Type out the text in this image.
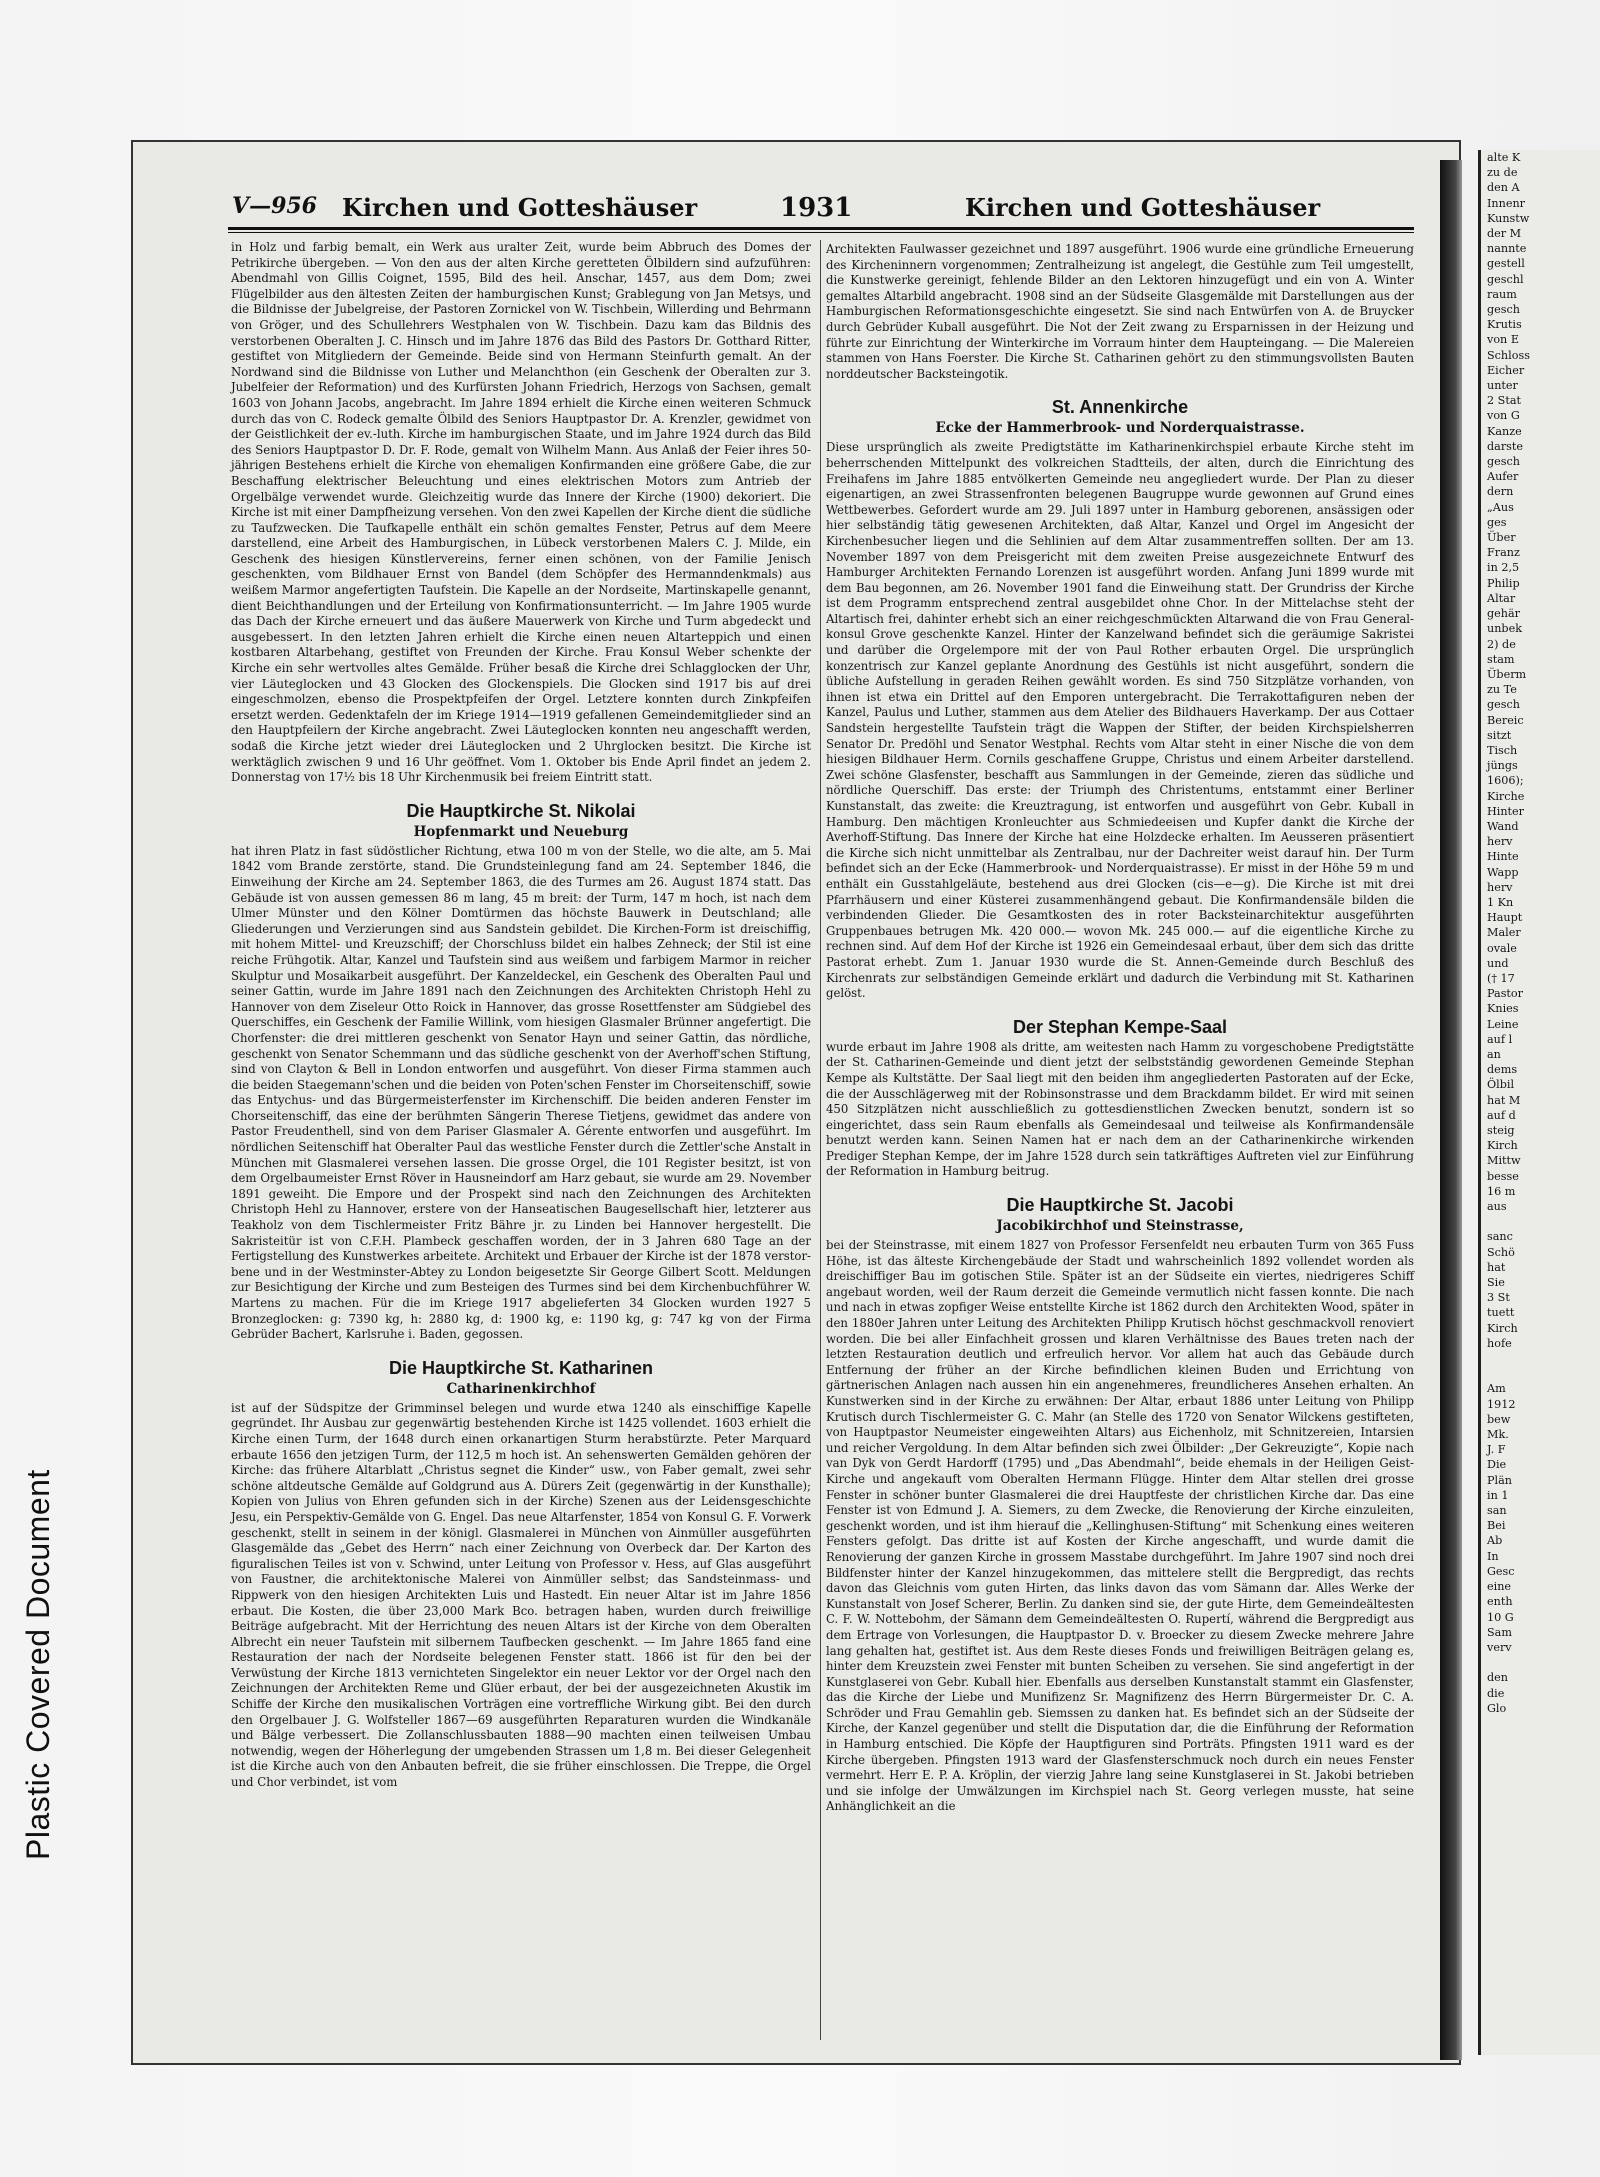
Plastic Covered Document
alte K
zu de
den A
Innenr
Kunstw
der M
nannte
gestell
geschl
raum
gesch
Krutis
von E
Schloss
Eicher
unter
2 Stat
von G
Kanze
darste
gesch
Aufer
dern
„Aus
ges
Über
Franz
in 2,5
Philip
Altar
gehär
unbek
2) de
stam
Überm
zu Te
gesch
Bereic
sitzt
Tisch
jüngs
1606);
Kirche
Hinter
Wand
herv
Hinte
Wapp
herv
1 Kn
Haupt
Maler
ovale
und
(† 17
Pastor
Knies
Leine
auf l
an
dems
Ölbil
hat M
auf d
steig
Kirch
Mittw
besse
16 m
aus

sanc
Schö
hat
Sie
3 St
tuett
Kirch
hofe

Am
1912
bew
Mk.
J. F
Die
Plän
in 1
san
Bei
Ab
In
Gesc
eine
enth
10 G
Sam
verv

den
die
Glo
V—956 Kirchen und Gotteshäuser	1931	Kirchen und Gotteshäuser

in Holz und farbig bemalt, ein Werk aus uralter Zeit, wurde beim Abbruch des Domes der Petrikirche übergeben. — Von den aus der alten Kirche geretteten Ölbildern sind aufzuführen: Abendmahl von Gillis Coignet, 1595, Bild des heil. Anschar, 1457, aus dem Dom; zwei Flügelbilder aus den ältesten Zeiten der hamburgischen Kunst; Grablegung von Jan Metsys, und die Bildnisse der Jubelgreise, der Pastoren Zornickel von W. Tischbein, Willerding und Behrmann von Gröger, und des Schullehrers Westphalen von W. Tischbein. Dazu kam das Bildnis des verstorbenen Oberalten J. C. Hinsch und im Jahre 1876 das Bild des Pastors Dr. Gotthard Ritter, gestiftet von Mitgliedern der Gemeinde. Beide sind von Hermann Steinfurth gemalt. An der Nordwand sind die Bildnisse von Luther und Melanchthon (ein Geschenk der Oberalten zur 3. Jubelfeier der Reformation) und des Kurfürsten Johann Friedrich, Herzogs von Sachsen, gemalt 1603 von Johann Jacobs, angebracht. Im Jahre 1894 erhielt die Kirche einen weiteren Schmuck durch das von C. Rodeck gemalte Ölbild des Seniors Hauptpastor Dr. A. Krenzler, gewidmet von der Geistlichkeit der ev.-luth. Kirche im hamburgischen Staate, und im Jahre 1924 durch das Bild des Seniors Hauptpastor D. Dr. F. Rode, gemalt von Wilhelm Mann. Aus Anlaß der Feier ihres 50-jährigen Bestehens erhielt die Kirche von ehemaligen Konfirmanden eine größere Gabe, die zur Beschaffung elektrischer Beleuchtung und eines elektrischen Motors zum Antrieb der Orgelbälge verwendet wurde. Gleichzeitig wurde das Innere der Kirche (1900) dekoriert. Die Kirche ist mit einer Dampfheizung versehen. Von den zwei Kapellen der Kirche dient die südliche zu Taufzwecken. Die Taufkapelle enthält ein schön gemaltes Fenster, Petrus auf dem Meere darstellend, eine Arbeit des Hamburgischen, in Lübeck verstorbenen Malers C. J. Milde, ein Geschenk des hiesigen Künstlervereins, ferner einen schönen, von der Familie Jenisch geschenkten, vom Bildhauer Ernst von Bandel (dem Schöpfer des Hermanndenkmals) aus weißem Marmor angefertigten Taufstein. Die Kapelle an der Nordseite, Martinskapelle genannt, dient Beichthandlungen und der Erteilung von Konfirmationsunterricht. — Im Jahre 1905 wurde das Dach der Kirche erneuert und das äußere Mauerwerk von Kirche und Turm abgedeckt und ausgebessert. In den letzten Jahren erhielt die Kirche einen neuen Altarteppich und einen kostbaren Altarbehang, gestiftet von Freunden der Kirche. Frau Konsul Weber schenkte der Kirche ein sehr wertvolles altes Gemälde. Früher besaß die Kirche drei Schlagglocken der Uhr, vier Läuteglocken und 43 Glocken des Glockenspiels. Die Glocken sind 1917 bis auf drei eingeschmolzen, ebenso die Prospektpfeifen der Orgel. Letztere konnten durch Zinkpfeifen ersetzt werden. Gedenktafeln der im Kriege 1914—1919 gefallenen Gemeindemitglieder sind an den Hauptpfeilern der Kirche angebracht. Zwei Läuteglocken konnten neu angeschafft werden, sodaß die Kirche jetzt wieder drei Läuteglocken und 2 Uhrglocken besitzt. Die Kirche ist werktäglich zwischen 9 und 16 Uhr geöffnet. Vom 1. Oktober bis Ende April findet an jedem 2. Donnerstag von 17½ bis 18 Uhr Kirchenmusik bei freiem Eintritt statt.

Die Hauptkirche St. Nikolai
Hopfenmarkt und Neueburg

hat ihren Platz in fast südöstlicher Richtung, etwa 100 m von der Stelle, wo die alte, am 5. Mai 1842 vom Brande zerstörte, stand. Die Grundsteinlegung fand am 24. September 1846, die Einweihung der Kirche am 24. September 1863, die des Turmes am 26. August 1874 statt. Das Gebäude ist von aussen gemessen 86 m lang, 45 m breit: der Turm, 147 m hoch, ist nach dem Ulmer Münster und den Kölner Domtürmen das höchste Bauwerk in Deutschland; alle Gliederungen und Verzierungen sind aus Sandstein gebildet. Die Kirchen-Form ist dreischiffig, mit hohem Mittel- und Kreuzschiff; der Chorschluss bildet ein halbes Zehneck; der Stil ist eine reiche Frühgotik. Altar, Kanzel und Taufstein sind aus weißem und farbigem Marmor in reicher Skulptur und Mosaikarbeit ausgeführt. Der Kanzeldeckel, ein Geschenk des Oberalten Paul und seiner Gattin, wurde im Jahre 1891 nach den Zeichnungen des Architekten Christoph Hehl zu Hannover von dem Ziseleur Otto Roick in Hannover, das grosse Rosettfenster am Südgiebel des Querschiffes, ein Geschenk der Familie Willink, vom hiesigen Glasmaler Brünner angefertigt. Die Chorfenster: die drei mittleren geschenkt von Senator Hayn und seiner Gattin, das nördliche, geschenkt von Senator Schemmann und das südliche geschenkt von der Averhoff'schen Stiftung, sind von Clayton & Bell in London entworfen und ausgeführt. Von dieser Firma stammen auch die beiden Staegemann'schen und die beiden von Poten'schen Fenster im Chorseitenschiff, sowie das Entychus- und das Bürgermeisterfenster im Kirchenschiff. Die beiden anderen Fenster im Chorseitenschiff, das eine der berühmten Sängerin Therese Tietjens, gewidmet das andere von Pastor Freudenthell, sind von dem Pariser Glasmaler A. Gérente entworfen und ausgeführt. Im nördlichen Seitenschiff hat Oberalter Paul das westliche Fenster durch die Zettler'sche Anstalt in München mit Glasmalerei versehen lassen. Die grosse Orgel, die 101 Register besitzt, ist von dem Orgelbaumeister Ernst Röver in Hausneindorf am Harz gebaut, sie wurde am 29. November 1891 geweiht. Die Empore und der Prospekt sind nach den Zeichnungen des Architekten Christoph Hehl zu Hannover, erstere von der Hanseatischen Baugesellschaft hier, letzterer aus Teakholz von dem Tischlermeister Fritz Bähre jr. zu Linden bei Hannover hergestellt. Die Sakristeitür ist von C.F.H. Plambeck geschaffen worden, der in 3 Jahren 680 Tage an der Fertigstellung des Kunstwerkes arbeitete. Architekt und Erbauer der Kirche ist der 1878 verstorbene und in der Westminster-Abtey zu London beigesetzte Sir George Gilbert Scott. Meldungen zur Besichtigung der Kirche und zum Besteigen des Turmes sind bei dem Kirchenbuchführer W. Martens zu machen. Für die im Kriege 1917 abgelieferten 34 Glocken wurden 1927 5 Bronzeglocken: g: 7390 kg, h: 2880 kg, d: 1900 kg, e: 1190 kg, g: 747 kg von der Firma Gebrüder Bachert, Karlsruhe i. Baden, gegossen.

Die Hauptkirche St. Katharinen
Catharinenkirchhof

ist auf der Südspitze der Grimminsel belegen und wurde etwa 1240 als einschiffige Kapelle gegründet. Ihr Ausbau zur gegenwärtig bestehenden Kirche ist 1425 vollendet. 1603 erhielt die Kirche einen Turm, der 1648 durch einen orkanartigen Sturm herabstürzte. Peter Marquard erbaute 1656 den jetzigen Turm, der 112,5 m hoch ist. An sehenswerten Gemälden gehören der Kirche: das frühere Altarblatt „Christus segnet die Kinder“ usw., von Faber gemalt, zwei sehr schöne altdeutsche Gemälde auf Goldgrund aus A. Dürers Zeit (gegenwärtig in der Kunsthalle); Kopien von Julius von Ehren gefunden sich in der Kirche) Szenen aus der Leidensgeschichte Jesu, ein Perspektiv-Gemälde von G. Engel. Das neue Altarfenster, 1854 von Konsul G. F. Vorwerk geschenkt, stellt in seinem in der königl. Glasmalerei in München von Ainmüller ausgeführten Glasgemälde das „Gebet des Herrn“ nach einer Zeichnung von Overbeck dar. Der Karton des figuralischen Teiles ist von v. Schwind, unter Leitung von Professor v. Hess, auf Glas ausgeführt von Faustner, die architektonische Malerei von Ainmüller selbst; das Sandsteinmass- und Rippwerk von den hiesigen Architekten Luis und Hastedt. Ein neuer Altar ist im Jahre 1856 erbaut. Die Kosten, die über 23,000 Mark Bco. betragen haben, wurden durch freiwillige Beiträge aufgebracht. Mit der Herrichtung des neuen Altars ist der Kirche von dem Oberalten Albrecht ein neuer Taufstein mit silbernem Taufbecken geschenkt. — Im Jahre 1865 fand eine Restauration der nach der Nordseite belegenen Fenster statt. 1866 ist für den bei der Verwüstung der Kirche 1813 vernichteten Singelektor ein neuer Lektor vor der Orgel nach den Zeichnungen der Architekten Reme und Glüer erbaut, der bei der ausgezeichneten Akustik im Schiffe der Kirche den musikalischen Vorträgen eine vortreffliche Wirkung gibt. Bei den durch den Orgelbauer J. G. Wolfsteller 1867—69 ausgeführten Reparaturen wurden die Windkanäle und Bälge verbessert. Die Zollanschlussbauten 1888—90 machten einen teilweisen Umbau notwendig, wegen der Höherlegung der umgebenden Strassen um 1,8 m. Bei dieser Gelegenheit ist die Kirche auch von den Anbauten befreit, die sie früher einschlossen. Die Treppe, die Orgel und Chor verbindet, ist vom

Architekten Faulwasser gezeichnet und 1897 ausgeführt. 1906 wurde eine gründliche Erneuerung des Kircheninnern vorgenommen; Zentralheizung ist angelegt, die Gestühle zum Teil umgestellt, die Kunstwerke gereinigt, fehlende Bilder an den Lektoren hinzugefügt und ein von A. Winter gemaltes Altarbild angebracht. 1908 sind an der Südseite Glasgemälde mit Darstellungen aus der Hamburgischen Reformationsgeschichte eingesetzt. Sie sind nach Entwürfen von A. de Bruycker durch Gebrüder Kuball ausgeführt. Die Not der Zeit zwang zu Ersparnissen in der Heizung und führte zur Einrichtung der Winterkirche im Vorraum hinter dem Haupteingang. — Die Malereien stammen von Hans Foerster. Die Kirche St. Catharinen gehört zu den stimmungsvollsten Bauten norddeutscher Backsteingotik.

St. Annenkirche
Ecke der Hammerbrook- und Norderquaistrasse.

Diese ursprünglich als zweite Predigtstätte im Katharinenkirchspiel erbaute Kirche steht im beherrschenden Mittelpunkt des volkreichen Stadtteils, der alten, durch die Einrichtung des Freihafens im Jahre 1885 entvölkerten Gemeinde neu angegliedert wurde. Der Plan zu dieser eigenartigen, an zwei Strassenfronten belegenen Baugruppe wurde gewonnen auf Grund eines Wettbewerbes. Gefordert wurde am 29. Juli 1897 unter in Hamburg geborenen, ansässigen oder hier selbständig tätig gewesenen Architekten, daß Altar, Kanzel und Orgel im Angesicht der Kirchenbesucher liegen und die Sehlinien auf dem Altar zusammentreffen sollten. Der am 13. November 1897 von dem Preisgericht mit dem zweiten Preise ausgezeichnete Entwurf des Hamburger Architekten Fernando Lorenzen ist ausgeführt worden. Anfang Juni 1899 wurde mit dem Bau begonnen, am 26. November 1901 fand die Einweihung statt. Der Grundriss der Kirche ist dem Programm entsprechend zentral ausgebildet ohne Chor. In der Mittelachse steht der Altartisch frei, dahinter erhebt sich an einer reichgeschmückten Altarwand die von Frau Generalkonsul Grove geschenkte Kanzel. Hinter der Kanzelwand befindet sich die geräumige Sakristei und darüber die Orgelempore mit der von Paul Rother erbauten Orgel. Die ursprünglich konzentrisch zur Kanzel geplante Anordnung des Gestühls ist nicht ausgeführt, sondern die übliche Aufstellung in geraden Reihen gewählt worden. Es sind 750 Sitzplätze vorhanden, von ihnen ist etwa ein Drittel auf den Emporen untergebracht. Die Terrakottafiguren neben der Kanzel, Paulus und Luther, stammen aus dem Atelier des Bildhauers Haverkamp. Der aus Cottaer Sandstein hergestellte Taufstein trägt die Wappen der Stifter, der beiden Kirchspielsherren Senator Dr. Predöhl und Senator Westphal. Rechts vom Altar steht in einer Nische die von dem hiesigen Bildhauer Herm. Cornils geschaffene Gruppe, Christus und einem Arbeiter darstellend. Zwei schöne Glasfenster, beschafft aus Sammlungen in der Gemeinde, zieren das südliche und nördliche Querschiff. Das erste: der Triumph des Christentums, entstammt einer Berliner Kunstanstalt, das zweite: die Kreuztragung, ist entworfen und ausgeführt von Gebr. Kuball in Hamburg. Den mächtigen Kronleuchter aus Schmiedeeisen und Kupfer dankt die Kirche der Averhoff-Stiftung. Das Innere der Kirche hat eine Holzdecke erhalten. Im Aeusseren präsentiert die Kirche sich nicht unmittelbar als Zentralbau, nur der Dachreiter weist darauf hin. Der Turm befindet sich an der Ecke (Hammerbrook- und Norderquaistrasse). Er misst in der Höhe 59 m und enthält ein Gusstahlgeläute, bestehend aus drei Glocken (cis—e—g). Die Kirche ist mit drei Pfarrhäusern und einer Küsterei zusammenhängend gebaut. Die Konfirmandensäle bilden die verbindenden Glieder. Die Gesamtkosten des in roter Backsteinarchitektur ausgeführten Gruppenbaues betrugen Mk. 420 000.— wovon Mk. 245 000.— auf die eigentliche Kirche zu rechnen sind. Auf dem Hof der Kirche ist 1926 ein Gemeindesaal erbaut, über dem sich das dritte Pastorat erhebt. Zum 1. Januar 1930 wurde die St. Annen-Gemeinde durch Beschluß des Kirchenrats zur selbständigen Gemeinde erklärt und dadurch die Verbindung mit St. Katharinen gelöst.

Der Stephan Kempe-Saal

wurde erbaut im Jahre 1908 als dritte, am weitesten nach Hamm zu vorgeschobene Predigtstätte der St. Catharinen-Gemeinde und dient jetzt der selbstständig gewordenen Gemeinde Stephan Kempe als Kultstätte. Der Saal liegt mit den beiden ihm angegliederten Pastoraten auf der Ecke, die der Ausschlägerweg mit der Robinsonstrasse und dem Brackdamm bildet. Er wird mit seinen 450 Sitzplätzen nicht ausschließlich zu gottesdienstlichen Zwecken benutzt, sondern ist so eingerichtet, dass sein Raum ebenfalls als Gemeindesaal und teilweise als Konfirmandensäle benutzt werden kann. Seinen Namen hat er nach dem an der Catharinenkirche wirkenden Prediger Stephan Kempe, der im Jahre 1528 durch sein tatkräftiges Auftreten viel zur Einführung der Reformation in Hamburg beitrug.

Die Hauptkirche St. Jacobi
Jacobikirchhof und Steinstrasse,

bei der Steinstrasse, mit einem 1827 von Professor Fersenfeldt neu erbauten Turm von 365 Fuss Höhe, ist das älteste Kirchengebäude der Stadt und wahrscheinlich 1892 vollendet worden als dreischiffiger Bau im gotischen Stile. Später ist an der Südseite ein viertes, niedrigeres Schiff angebaut worden, weil der Raum derzeit die Gemeinde vermutlich nicht fassen konnte. Die nach und nach in etwas zopfiger Weise entstellte Kirche ist 1862 durch den Architekten Wood, später in den 1880er Jahren unter Leitung des Architekten Philipp Krutisch höchst geschmackvoll renoviert worden. Die bei aller Einfachheit grossen und klaren Verhältnisse des Baues treten nach der letzten Restauration deutlich und erfreulich hervor. Vor allem hat auch das Gebäude durch Entfernung der früher an der Kirche befindlichen kleinen Buden und Errichtung von gärtnerischen Anlagen nach aussen hin ein angenehmeres, freundlicheres Ansehen erhalten. An Kunstwerken sind in der Kirche zu erwähnen: Der Altar, erbaut 1886 unter Leitung von Philipp Krutisch durch Tischlermeister G. C. Mahr (an Stelle des 1720 von Senator Wilckens gestifteten, von Hauptpastor Neumeister eingeweihten Altars) aus Eichenholz, mit Schnitzereien, Intarsien und reicher Vergoldung. In dem Altar befinden sich zwei Ölbilder: „Der Gekreuzigte“, Kopie nach van Dyk von Gerdt Hardorff (1795) und „Das Abendmahl“, beide ehemals in der Heiligen Geist-Kirche und angekauft vom Oberalten Hermann Flügge. Hinter dem Altar stellen drei grosse Fenster in schöner bunter Glasmalerei die drei Hauptfeste der christlichen Kirche dar. Das eine Fenster ist von Edmund J. A. Siemers, zu dem Zwecke, die Renovierung der Kirche einzuleiten, geschenkt worden, und ist ihm hierauf die „Kellinghusen-Stiftung“ mit Schenkung eines weiteren Fensters gefolgt. Das dritte ist auf Kosten der Kirche angeschafft, und wurde damit die Renovierung der ganzen Kirche in grossem Masstabe durchgeführt. Im Jahre 1907 sind noch drei Bildfenster hinter der Kanzel hinzugekommen, das mittelere stellt die Bergpredigt, das rechts davon das Gleichnis vom guten Hirten, das links davon das vom Sämann dar. Alles Werke der Kunstanstalt von Josef Scherer, Berlin. Zu danken sind sie, der gute Hirte, dem Gemeindeältesten C. F. W. Nottebohm, der Sämann dem Gemeindeältesten O. Rupertí, während die Bergpredigt aus dem Ertrage von Vorlesungen, die Hauptpastor D. v. Broecker zu diesem Zwecke mehrere Jahre lang gehalten hat, gestiftet ist. Aus dem Reste dieses Fonds und freiwilligen Beiträgen gelang es, hinter dem Kreuzstein zwei Fenster mit bunten Scheiben zu versehen. Sie sind angefertigt in der Kunstglaserei von Gebr. Kuball hier. Ebenfalls aus derselben Kunstanstalt stammt ein Glasfenster, das die Kirche der Liebe und Munifizenz Sr. Magnifizenz des Herrn Bürgermeister Dr. C. A. Schröder und Frau Gemahlin geb. Siemssen zu danken hat. Es befindet sich an der Südseite der Kirche, der Kanzel gegenüber und stellt die Disputation dar, die die Einführung der Reformation in Hamburg entschied. Die Köpfe der Hauptfiguren sind Porträts. Pfingsten 1911 ward es der Kirche übergeben. Pfingsten 1913 ward der Glasfensterschmuck noch durch ein neues Fenster vermehrt. Herr E. P. A. Kröplin, der vierzig Jahre lang seine Kunstglaserei in St. Jakobi betrieben und sie infolge der Umwälzungen im Kirchspiel nach St. Georg verlegen musste, hat seine Anhänglichkeit an die
